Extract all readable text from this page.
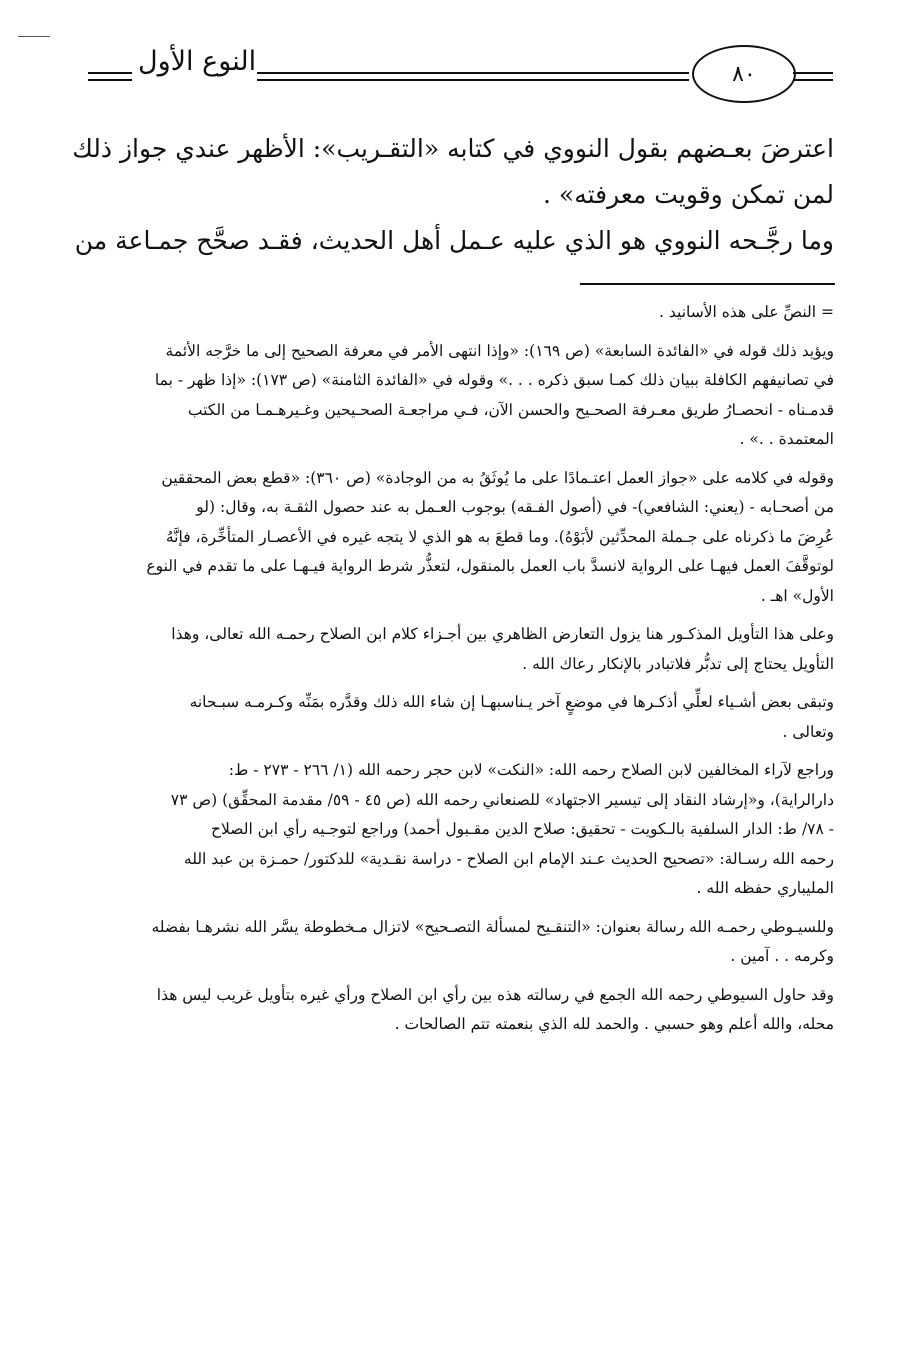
النوع الأول	٨٠
اعترضَ بعـضهم بقول النووي في كتابه «التقـريب»: الأظهر عندي جواز ذلك
لمن تمكن وقويت معرفته» .
وما رجَّـحه النووي هو الذي عليه عـمل أهل الحديث، فقـد صحَّح جمـاعة من
= النصِّ على هذه الأسانيد .
ويؤيد ذلك قوله في «الفائدة السابعة» (ص ١٦٩): «وإذا انتهى الأمر في معرفة الصحيح إلى ما خرَّجه الأئمة
في تصانيفهم الكافلة ببيان ذلك كمـا سبق ذكره . . .» وقوله في «الفائدة الثامنة» (ص ١٧٣): «إذا ظهر - بما
قدمـناه - انحصـارُ طريق معـرفة الصحـيح والحسن الآن، فـي مراجعـة الصحـيحين وغـيرهـمـا من الكتب
المعتمدة . .» .
وقوله في كلامه على «جواز العمل اعتـمادًا على ما يُوثَقُ به من الوجادة» (ص ٣٦٠): «قطع بعض المحققين
من أصحـابه - (يعني: الشافعي)- في (أصول الفـقه) بوجوب العـمل به عند حصول الثقـة به، وقال: (لو
عُرِضَ ما ذكرناه على جـملة المحدِّثين لأبَوْهُ). وما قطعَ به هو الذي لا يتجه غيره في الأعصـار المتأخِّرة، فإنَّهُ
لوتوقَّفَ العمل فيهـا على الرواية لانسدَّ باب العمل بالمنقول، لتعذُّر شرط الرواية فيـهـا على ما تقدم في النوع
الأول» اهـ .
وعلى هذا التأويل المذكـور هنا يزول التعارض الظاهري بين أجـزاء كلام ابن الصلاح رحمـه الله تعالى، وهذا
التأويل يحتاج إلى تدبُّر فلاتبادر بالإنكار رعاك الله .
وتبقى بعض أشـياء لعلِّي أذكـرها في موضعٍ آخر يـناسبهـا إن شاء الله ذلك وقدَّره بمَنِّه وكـرمـه سبـحانه
وتعالى .
وراجع لآراء المخالفين لابن الصلاح رحمه الله: «النكت» لابن حجر رحمه الله (١/ ٢٦٦ - ٢٧٣ - ط:
دارالراية)، و«إرشاد النقاد إلى تيسير الاجتهاد» للصنعاني رحمه الله (ص ٤٥ - ٥٩/ مقدمة المحقِّق) (ص ٧٣
- ٧٨/ ط: الدار السلفية بالـكويت - تحقيق: صلاح الدين مقـبول أحمد) وراجع لتوجـيه رأي ابن الصلاح
رحمه الله رسـالة: «تصحيح الحديث عـند الإمام ابن الصلاح - دراسة نقـدية» للدكتور/ حمـزة بن عبد الله
المليباري حفظه الله .
وللسيـوطي رحمـه الله رسالة بعنوان: «التنقـيح لمسألة التصـحيح» لاتزال مـخطوطة يسَّر الله نشرهـا بفضله
وكرمه . . آمين .
وقد حاول السيوطي رحمه الله الجمع في رسالته هذه بين رأي ابن الصلاح ورأي غيره بتأويل غريب ليس هذا
محله، والله أعلم وهو حسبي . والحمد لله الذي بنعمته تتم الصالحات .
